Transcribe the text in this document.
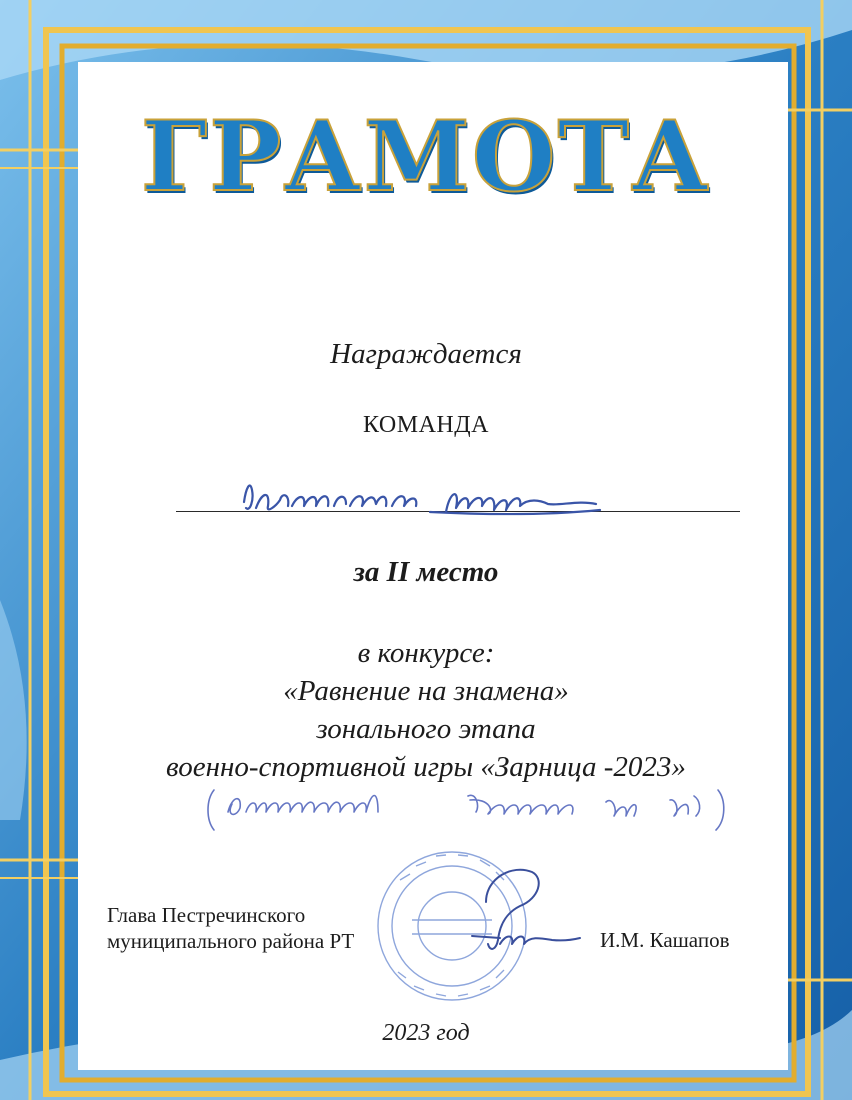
ГРАМОТА
Награждается
КОМАНДА
за II место
в конкурсе:
«Равнение на знамена»
зонального этапа
военно-спортивной игры «Зарница -2023»
Глава Пестречинского
муниципального района РТ	И.М. Кашапов
2023 год
